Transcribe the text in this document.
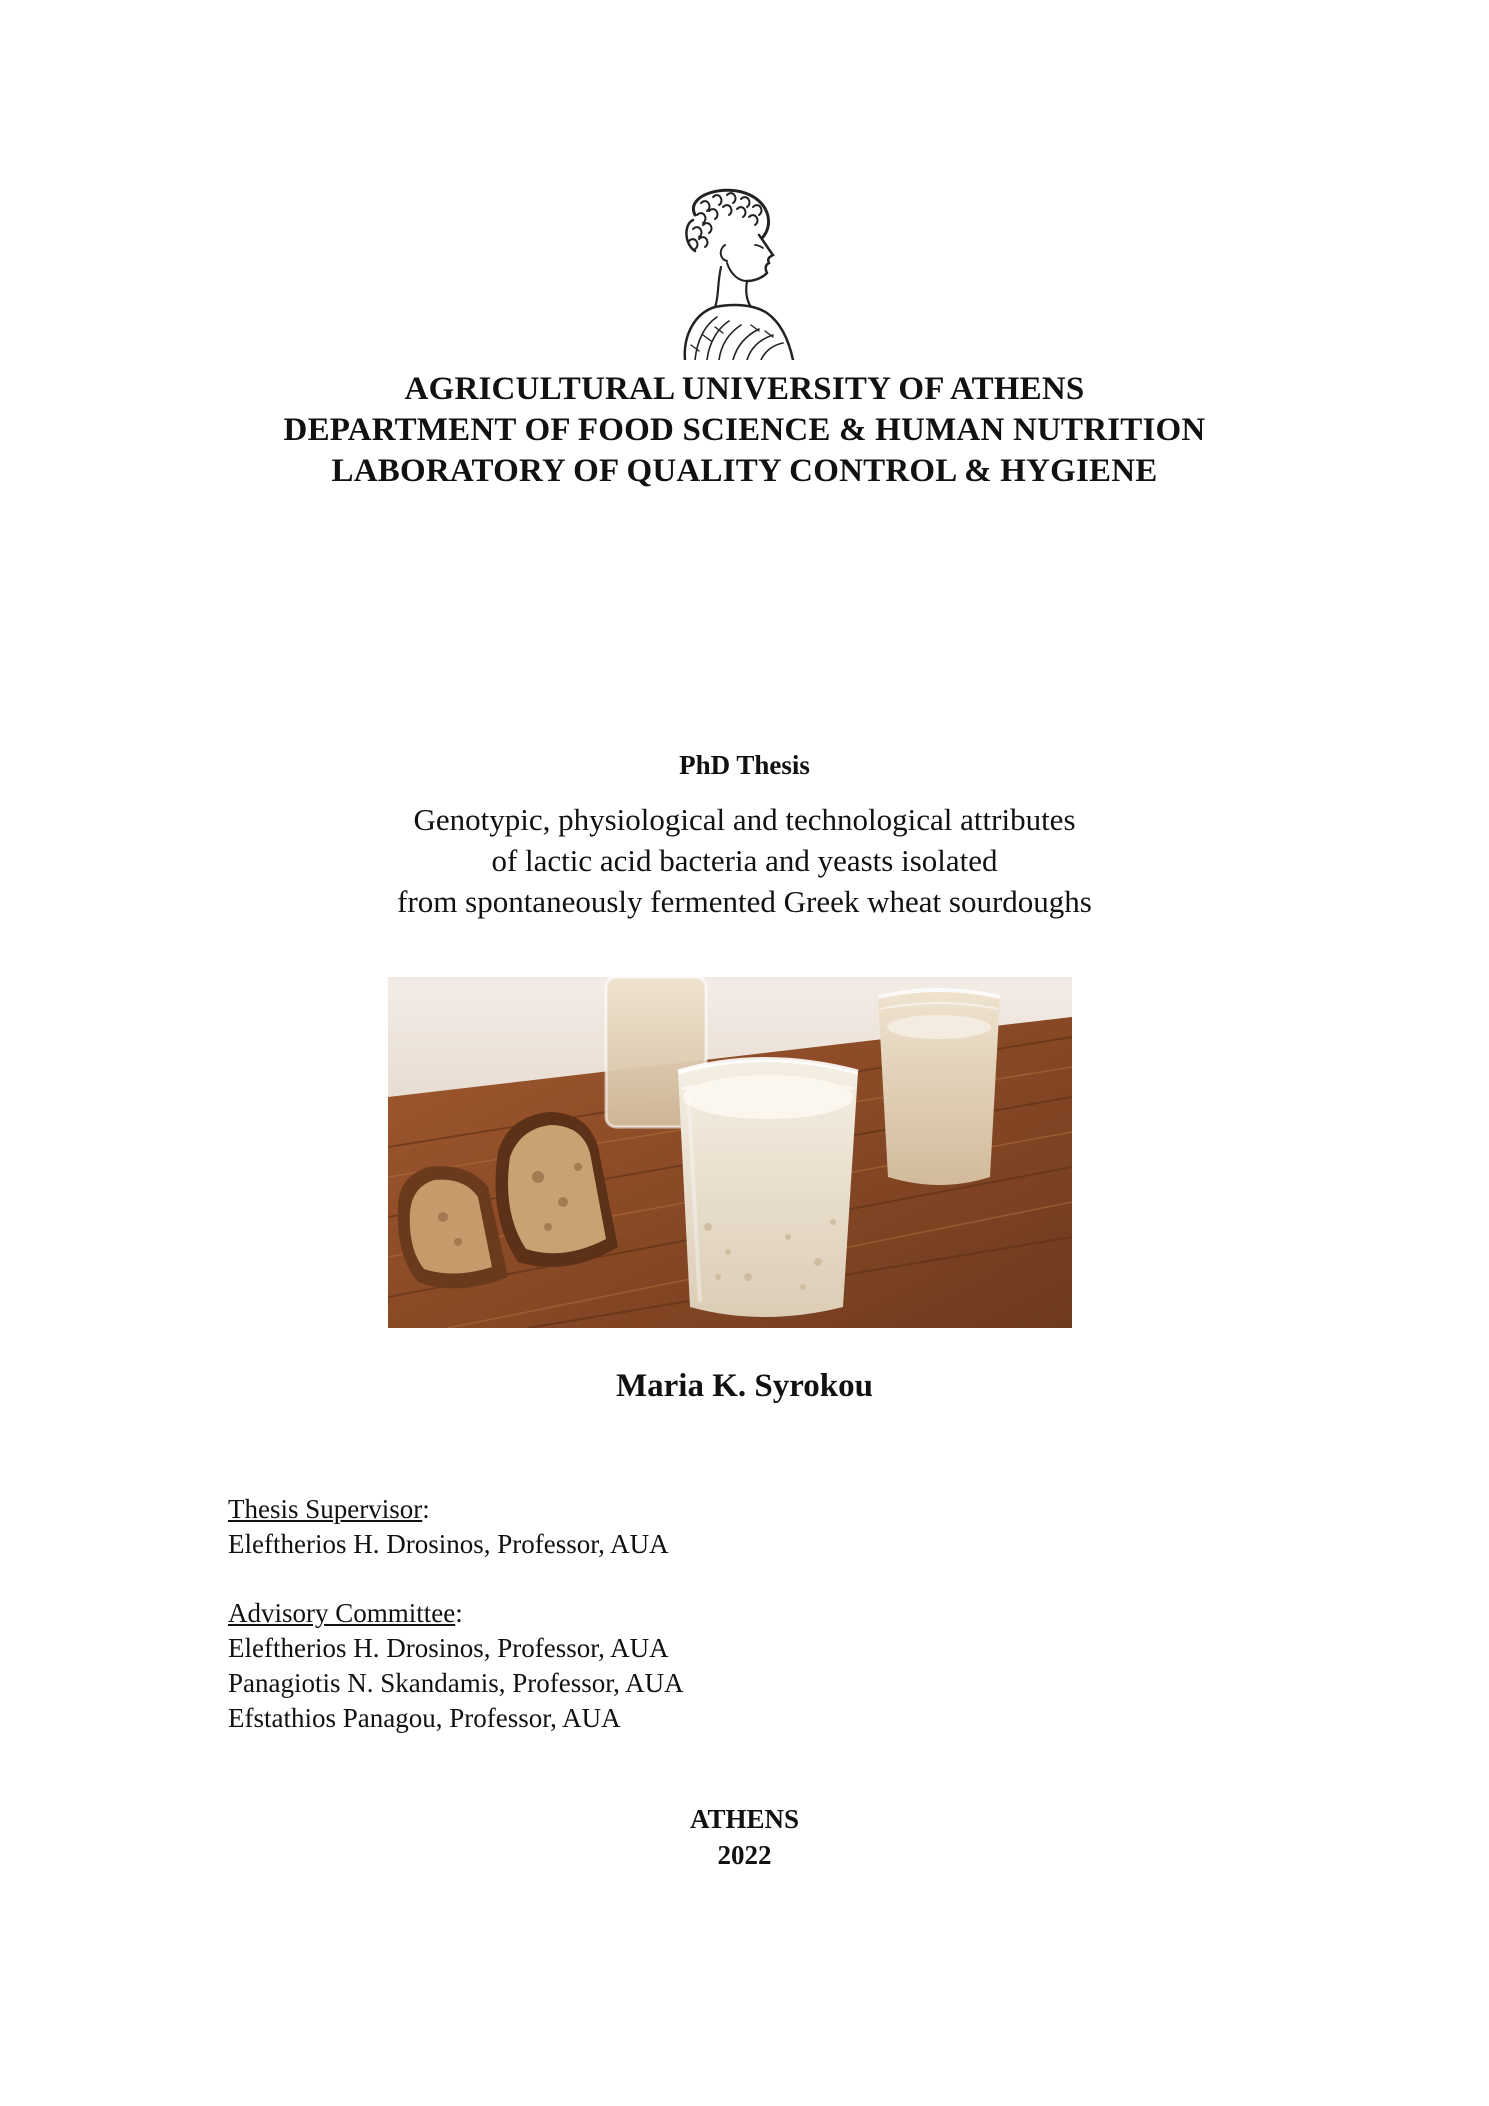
AGRICULTURAL UNIVERSITY OF ATHENS
DEPARTMENT OF FOOD SCIENCE & HUMAN NUTRITION
LABORATORY OF QUALITY CONTROL & HYGIENE
PhD Thesis
Genotypic, physiological and technological attributes
of lactic acid bacteria and yeasts isolated
from spontaneously fermented Greek wheat sourdoughs
Maria K. Syrokou
Thesis Supervisor:
Eleftherios H. Drosinos, Professor, AUA
Advisory Committee:
Eleftherios H. Drosinos, Professor, AUA
Panagiotis N. Skandamis, Professor, AUA
Efstathios Panagou, Professor, AUA
ATHENS
2022
